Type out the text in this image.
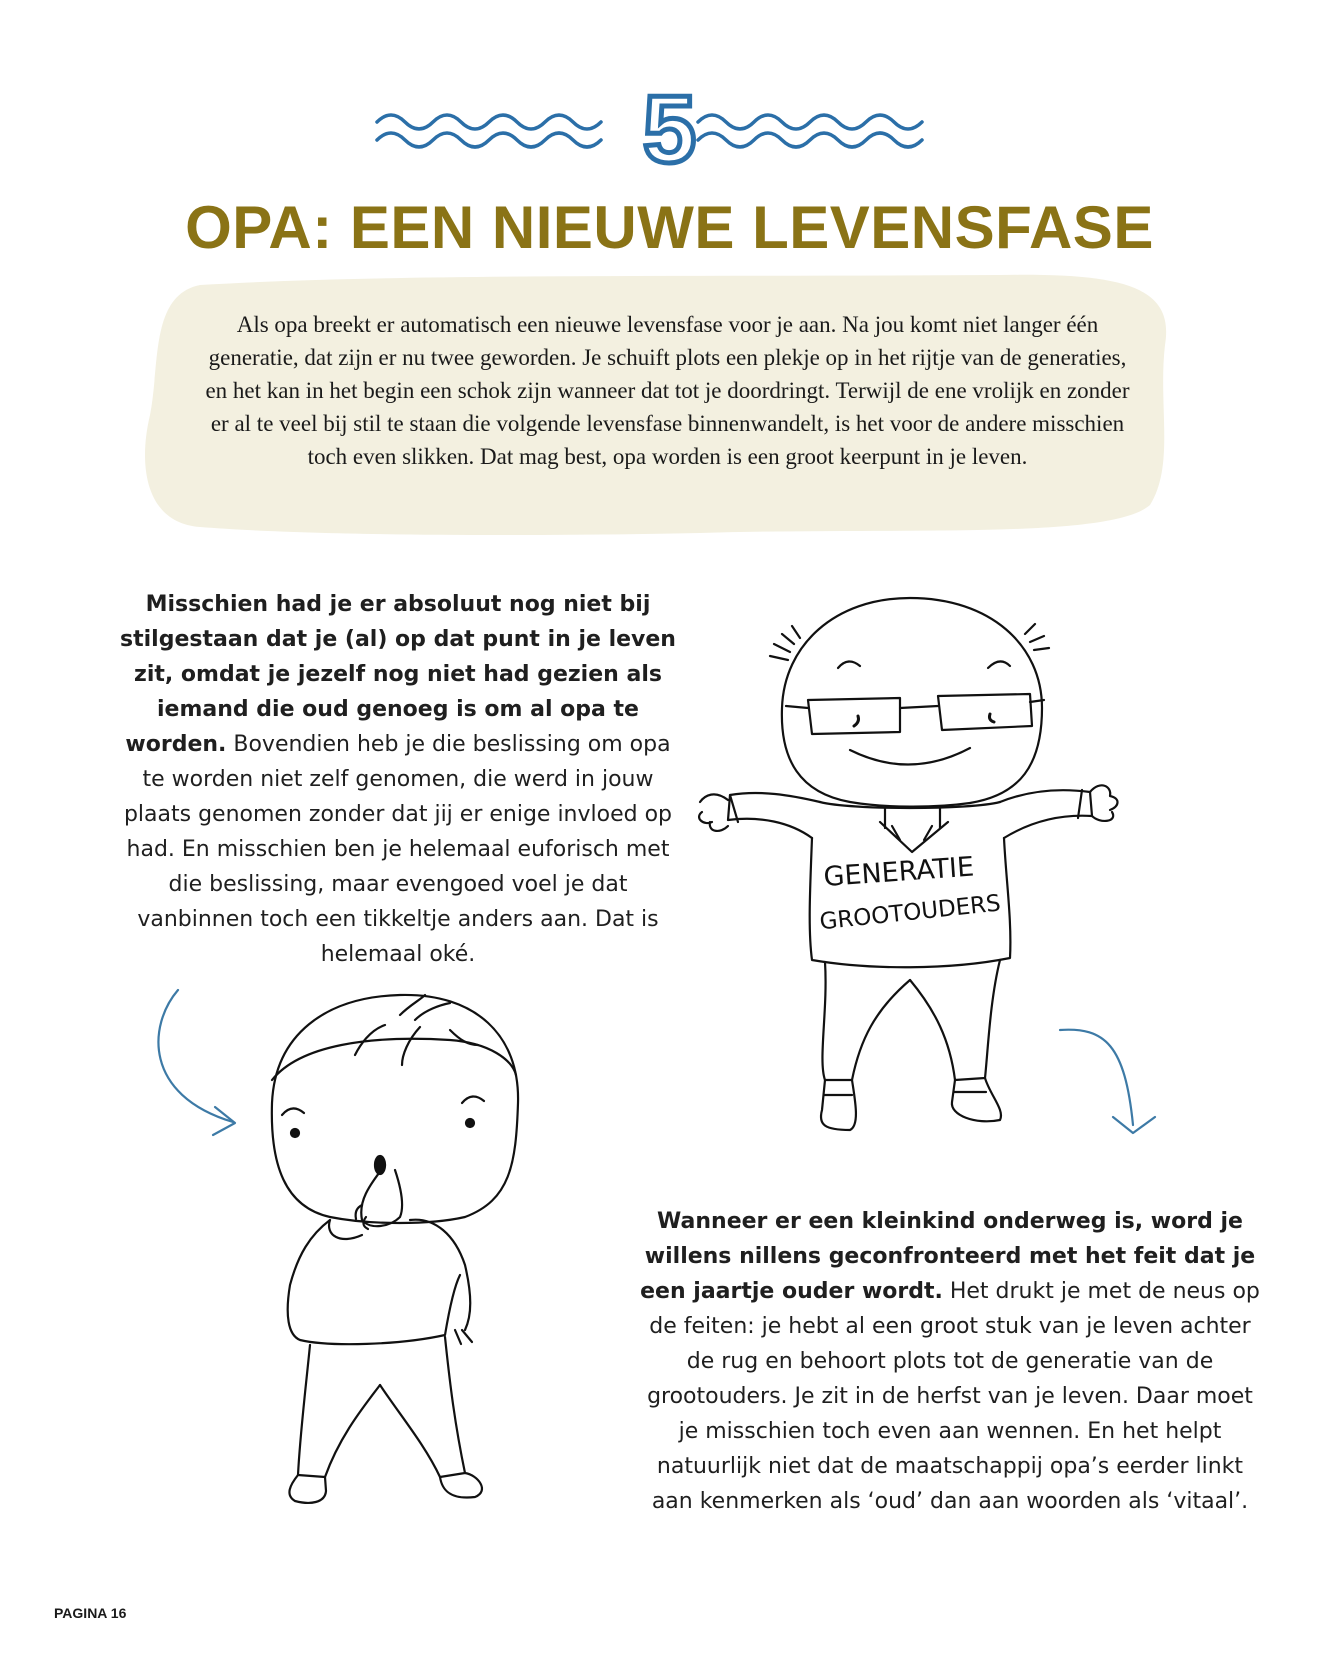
5
OPA: EEN NIEUWE LEVENSFASE
Als opa breekt er automatisch een nieuwe levensfase voor je aan. Na jou komt niet langer één generatie, dat zijn er nu twee geworden. Je schuift plots een plekje op in het rijtje van de generaties, en het kan in het begin een schok zijn wanneer dat tot je doordringt. Terwijl de ene vrolijk en zonder er al te veel bij stil te staan die volgende levensfase binnenwandelt, is het voor de andere misschien toch even slikken. Dat mag best, opa worden is een groot keerpunt in je leven.
Misschien had je er absoluut nog niet bij stilgestaan dat je (al) op dat punt in je leven zit, omdat je jezelf nog niet had gezien als iemand die oud genoeg is om al opa te worden. Bovendien heb je die beslissing om opa te worden niet zelf genomen, die werd in jouw plaats genomen zonder dat jij er enige invloed op had. En misschien ben je helemaal euforisch met die beslissing, maar evengoed voel je dat vanbinnen toch een tikkeltje anders aan. Dat is helemaal oké.
Wanneer er een kleinkind onderweg is, word je willens nillens geconfronteerd met het feit dat je een jaartje ouder wordt. Het drukt je met de neus op de feiten: je hebt al een groot stuk van je leven achter de rug en behoort plots tot de generatie van de grootouders. Je zit in de herfst van je leven. Daar moet je misschien toch even aan wennen. En het helpt natuurlijk niet dat de maatschappij opa’s eerder linkt aan kenmerken als ‘oud’ dan aan woorden als ‘vitaal’.
GENERATIE
GROOTOUDERS
PAGINA 16
